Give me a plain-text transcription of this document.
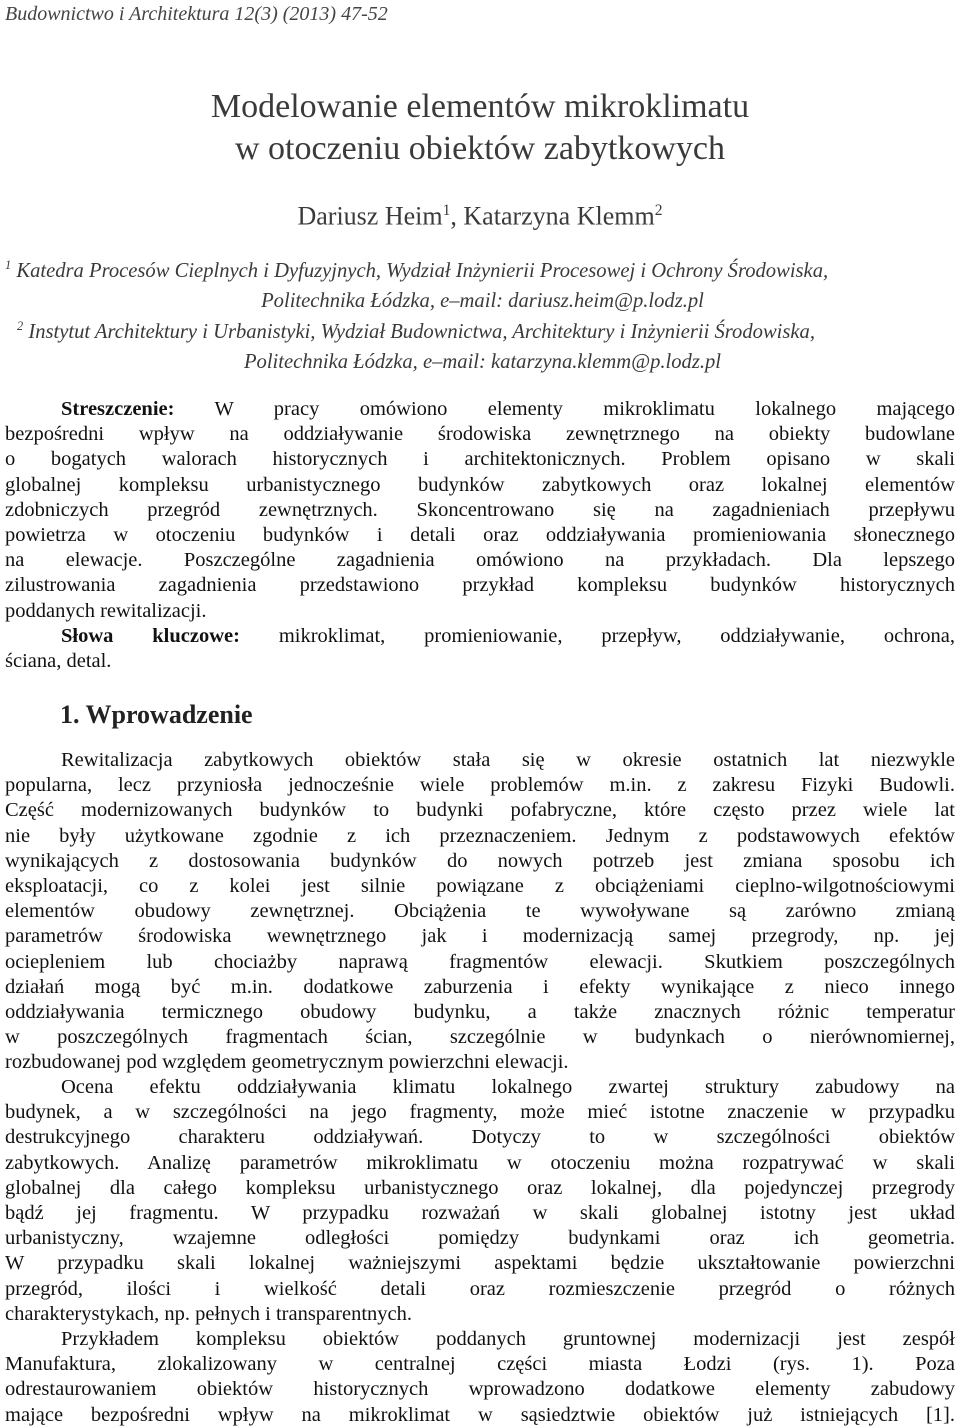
Budownictwo i Architektura 12(3) (2013) 47-52
Modelowanie elementów mikroklimatu
w otoczeniu obiektów zabytkowych
Dariusz Heim$^1$, Katarzyna Klemm$^2$
$^1$ Katedra Procesów Cieplnych i Dyfuzyjnych, Wydział Inżynierii Procesowej i Ochrony Środowiska,
Politechnika Łódzka, e–mail: dariusz.heim@p.lodz.pl
$^2$ Instytut Architektury i Urbanistyki, Wydział Budownictwa, Architektury i Inżynierii Środowiska,
Politechnika Łódzka, e–mail: katarzyna.klemm@p.lodz.pl
Streszczenie: W pracy omówiono elementy mikroklimatu lokalnego mającego
bezpośredni wpływ na oddziaływanie środowiska zewnętrznego na obiekty budowlane
o bogatych walorach historycznych i architektonicznych. Problem opisano w skali
globalnej kompleksu urbanistycznego budynków zabytkowych oraz lokalnej elementów
zdobniczych przegród zewnętrznych. Skoncentrowano się na zagadnieniach przepływu
powietrza w otoczeniu budynków i detali oraz oddziaływania promieniowania słonecznego
na elewacje. Poszczególne zagadnienia omówiono na przykładach. Dla lepszego
zilustrowania zagadnienia przedstawiono przykład kompleksu budynków historycznych
poddanych rewitalizacji.
Słowa kluczowe: mikroklimat, promieniowanie, przepływ, oddziaływanie, ochrona,
ściana, detal.
1. Wprowadzenie
Rewitalizacja zabytkowych obiektów stała się w okresie ostatnich lat niezwykle
popularna, lecz przyniosła jednocześnie wiele problemów m.in. z zakresu Fizyki Budowli.
Część modernizowanych budynków to budynki pofabryczne, które często przez wiele lat
nie były użytkowane zgodnie z ich przeznaczeniem. Jednym z podstawowych efektów
wynikających z dostosowania budynków do nowych potrzeb jest zmiana sposobu ich
eksploatacji, co z kolei jest silnie powiązane z obciążeniami cieplno-wilgotnościowymi
elementów obudowy zewnętrznej. Obciążenia te wywoływane są zarówno zmianą
parametrów środowiska wewnętrznego jak i modernizacją samej przegrody, np. jej
ociepleniem lub chociażby naprawą fragmentów elewacji. Skutkiem poszczególnych
działań mogą być m.in. dodatkowe zaburzenia i efekty wynikające z nieco innego
oddziaływania termicznego obudowy budynku, a także znacznych różnic temperatur
w poszczególnych fragmentach ścian, szczególnie w budynkach o nierównomiernej,
rozbudowanej pod względem geometrycznym powierzchni elewacji.
Ocena efektu oddziaływania klimatu lokalnego zwartej struktury zabudowy na
budynek, a w szczególności na jego fragmenty, może mieć istotne znaczenie w przypadku
destrukcyjnego charakteru oddziaływań. Dotyczy to w szczególności obiektów
zabytkowych. Analizę parametrów mikroklimatu w otoczeniu można rozpatrywać w skali
globalnej dla całego kompleksu urbanistycznego oraz lokalnej, dla pojedynczej przegrody
bądź jej fragmentu. W przypadku rozważań w skali globalnej istotny jest układ
urbanistyczny, wzajemne odległości pomiędzy budynkami oraz ich geometria.
W przypadku skali lokalnej ważniejszymi aspektami będzie ukształtowanie powierzchni
przegród, ilości i wielkość detali oraz rozmieszczenie przegród o różnych
charakterystykach, np. pełnych i transparentnych.
Przykładem kompleksu obiektów poddanych gruntownej modernizacji jest zespół
Manufaktura, zlokalizowany w centralnej części miasta Łodzi (rys. 1). Poza
odrestaurowaniem obiektów historycznych wprowadzono dodatkowe elementy zabudowy
mające bezpośredni wpływ na mikroklimat w sąsiedztwie obiektów już istniejących [1].
